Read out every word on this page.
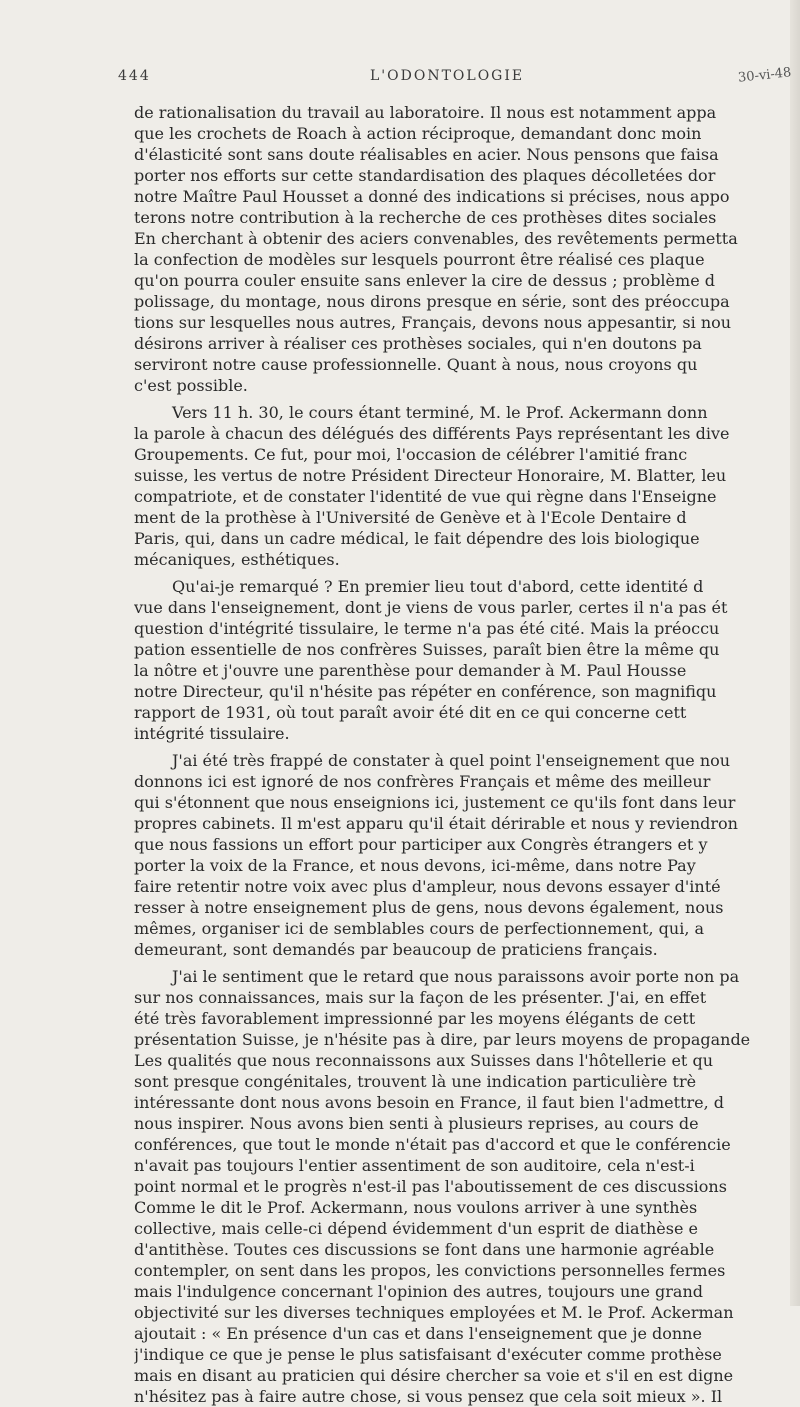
444	L'ODONTOLOGIE	30-vi-48
de rationalisation du travail au laboratoire. Il nous est notamment appa
que les crochets de Roach à action réciproque, demandant donc moin
d'élasticité sont sans doute réalisables en acier. Nous pensons que faisa
porter nos efforts sur cette standardisation des plaques décolletées dor
notre Maître Paul Housset a donné des indications si précises, nous appo
terons notre contribution à la recherche de ces prothèses dites sociales
En cherchant à obtenir des aciers convenables, des revêtements permetta
la confection de modèles sur lesquels pourront être réalisé ces plaque
qu'on pourra couler ensuite sans enlever la cire de dessus ; problème d
polissage, du montage, nous dirons presque en série, sont des préoccupa
tions sur lesquelles nous autres, Français, devons nous appesantir, si nou
désirons arriver à réaliser ces prothèses sociales, qui n'en doutons pa
serviront notre cause professionnelle. Quant à nous, nous croyons qu
c'est possible.
Vers 11 h. 30, le cours étant terminé, M. le Prof. Ackermann donn
la parole à chacun des délégués des différents Pays représentant les dive
Groupements. Ce fut, pour moi, l'occasion de célébrer l'amitié franc
suisse, les vertus de notre Président Directeur Honoraire, M. Blatter, leu
compatriote, et de constater l'identité de vue qui règne dans l'Enseigne
ment de la prothèse à l'Université de Genève et à l'Ecole Dentaire d
Paris, qui, dans un cadre médical, le fait dépendre des lois biologique
mécaniques, esthétiques.
Qu'ai-je remarqué ? En premier lieu tout d'abord, cette identité d
vue dans l'enseignement, dont je viens de vous parler, certes il n'a pas ét
question d'intégrité tissulaire, le terme n'a pas été cité. Mais la préoccu
pation essentielle de nos confrères Suisses, paraît bien être la même qu
la nôtre et j'ouvre une parenthèse pour demander à M. Paul Housse
notre Directeur, qu'il n'hésite pas répéter en conférence, son magnifiqu
rapport de 1931, où tout paraît avoir été dit en ce qui concerne cett
intégrité tissulaire.
J'ai été très frappé de constater à quel point l'enseignement que nou
donnons ici est ignoré de nos confrères Français et même des meilleur
qui s'étonnent que nous enseignions ici, justement ce qu'ils font dans leur
propres cabinets. Il m'est apparu qu'il était dérirable et nous y reviendron
que nous fassions un effort pour participer aux Congrès étrangers et y
porter la voix de la France, et nous devons, ici-même, dans notre Pay
faire retentir notre voix avec plus d'ampleur, nous devons essayer d'inté
resser à notre enseignement plus de gens, nous devons également, nous
mêmes, organiser ici de semblables cours de perfectionnement, qui, a
demeurant, sont demandés par beaucoup de praticiens français.
J'ai le sentiment que le retard que nous paraissons avoir porte non pa
sur nos connaissances, mais sur la façon de les présenter. J'ai, en effet
été très favorablement impressionné par les moyens élégants de cett
présentation Suisse, je n'hésite pas à dire, par leurs moyens de propagande
Les qualités que nous reconnaissons aux Suisses dans l'hôtellerie et qu
sont presque congénitales, trouvent là une indication particulière trè
intéressante dont nous avons besoin en France, il faut bien l'admettre, d
nous inspirer. Nous avons bien senti à plusieurs reprises, au cours de
conférences, que tout le monde n'était pas d'accord et que le conférencie
n'avait pas toujours l'entier assentiment de son auditoire, cela n'est-i
point normal et le progrès n'est-il pas l'aboutissement de ces discussions
Comme le dit le Prof. Ackermann, nous voulons arriver à une synthès
collective, mais celle-ci dépend évidemment d'un esprit de diathèse e
d'antithèse. Toutes ces discussions se font dans une harmonie agréable
contempler, on sent dans les propos, les convictions personnelles fermes
mais l'indulgence concernant l'opinion des autres, toujours une grand
objectivité sur les diverses techniques employées et M. le Prof. Ackerman
ajoutait : « En présence d'un cas et dans l'enseignement que je donne
j'indique ce que je pense le plus satisfaisant d'exécuter comme prothèse
mais en disant au praticien qui désire chercher sa voie et s'il en est digne
n'hésitez pas à faire autre chose, si vous pensez que cela soit mieux ». Il
